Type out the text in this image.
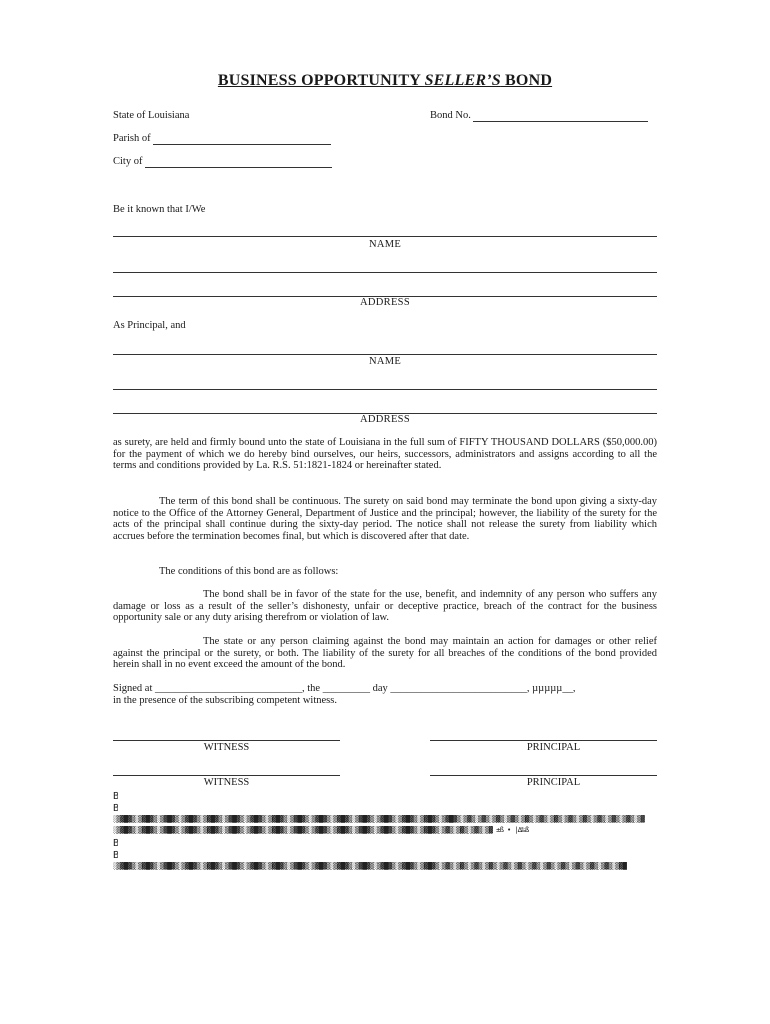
BUSINESS OPPORTUNITY SELLER’S BOND
State of Louisiana	Bond No.
Parish of
City of
Be it known that I/We
NAME
ADDRESS
As Principal, and
NAME
ADDRESS
as surety, are held and firmly bound unto the state of Louisiana in the full sum of FIFTY THOUSAND DOLLARS ($50,000.00) for the payment of which we do hereby bind ourselves, our heirs, successors, administrators and assigns according to all the terms and conditions provided by La. R.S. 51:1821-1824 or hereinafter stated.
The term of this bond shall be continuous. The surety on said bond may terminate the bond upon giving a sixty-day notice to the Office of the Attorney General, Department of Justice and the principal; however, the liability of the surety for the acts of the principal shall continue during the sixty-day period. The notice shall not release the surety from liability which accrues before the termination becomes final, but which is discovered after that date.
The conditions of this bond are as follows:
The bond shall be in favor of the state for the use, benefit, and indemnity of any person who suffers any damage or loss as a result of the seller’s dishonesty, unfair or deceptive practice, breach of the contract for the business opportunity sale or any duty arising therefrom or violation of law.
The state or any person claiming against the bond may maintain an action for damages or other relief against the principal or the surety, or both. The liability of the surety for all breaches of the conditions of the bond provided herein shall in no event exceed the amount of the bond.
Signed at ____________________________, the _________ day __________________________, µµµµµ__,
in the presence of the subscribing competent witness.
WITNESS	PRINCIPAL
WITNESS	PRINCIPAL
B̊
B̊
░▒▓█▓▒░▒▓█▓▒░▒▓█▓▒░▒▓█▓▒░▒▓█▓▒░▒▓█▓▒░▒▓█▓▒░▒▓█▓▒░▒▓█▓▒░▒▓█▓▒░▒▓█▓▒░▒▓█▓▒░▒▓█▓▒░▒▓█▓▒░▒▓█▓▒░▒▓█▓▒░▒▓▒░▒▓▒░▒▓▒░▒▓▒░▒▓▒░▒▓▒░▒▓▒░▒▓▒░▒▓▒░▒▓▒░▒▓▒░▒▓▒░▒▓
░▒▓█▓▒░▒▓█▓▒░▒▓█▓▒░▒▓█▓▒░▒▓█▓▒░▒▓█▓▒░▒▓█▓▒░▒▓█▓▒░▒▓█▓▒░▒▓█▓▒░▒▓█▓▒░▒▓█▓▒░▒▓█▓▒░▒▓█▓▒░▒▓█▓▒░▒▓▒░▒▓▒░▒▓▒░▒▓ ±ß • |∆‰ß
B̊
B̊
░▒▓█▓▒░▒▓█▓▒░▒▓█▓▒░▒▓█▓▒░▒▓█▓▒░▒▓█▓▒░▒▓█▓▒░▒▓█▓▒░▒▓█▓▒░▒▓█▓▒░▒▓█▓▒░▒▓█▓▒░▒▓█▓▒░▒▓█▓▒░▒▓█▓▒░▒▓▒░▒▓▒░▒▓▒░▒▓▒░▒▓▒░▒▓▒░▒▓▒░▒▓▒░▒▓▒░▒▓▒░▒▓▒░▒▓▒░▒▓█
